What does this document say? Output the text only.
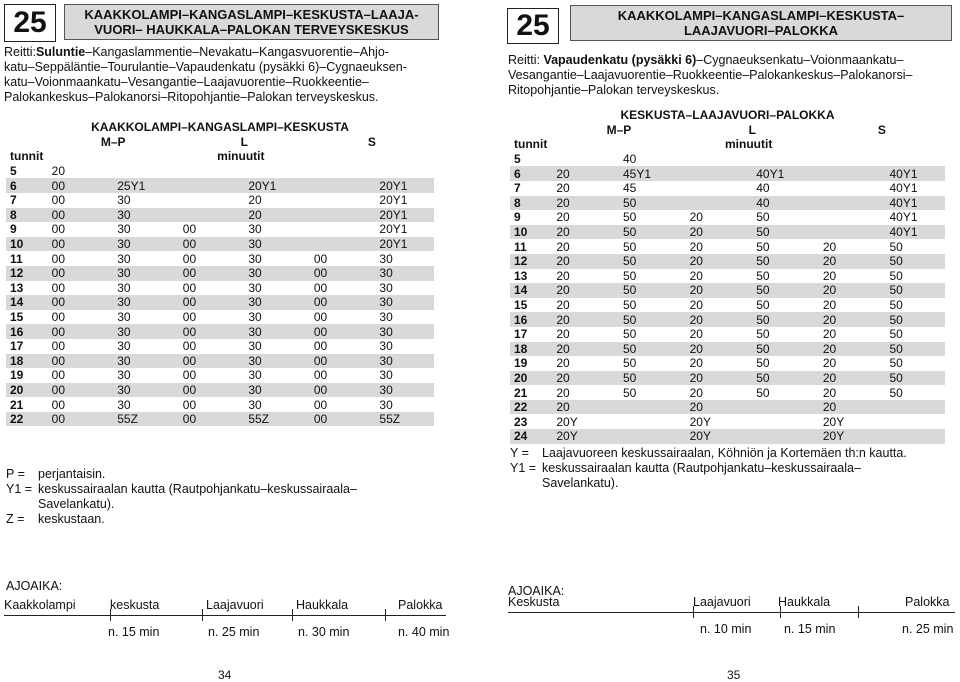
25	KAAKKOLAMPI–KANGASLAMPI–KESKUSTA–LAAJA-
VUORI– HAUKKALA–PALOKAN TERVEYSKESKUS
Reitti:Suluntie–Kangaslammentie–Nevakatu–Kangasvuorentie–Ahjo-
katu–Seppäläntie–Tourulantie–Vapaudenkatu (pysäkki 6)–Cygnaeuksen-
katu–Voionmaankatu–Vesangantie–Laajavuorentie–Ruokkeentie–
Palokankeskus–Palokanorsi–Ritopohjantie–Palokan terveyskeskus.
KAAKKOLAMPI–KANGASLAMPI–KESKUSTA						
	M–P		L		S	
tunnit	minuutit					
5	20					
6	00	25Y1		20Y1		20Y1
7	00	30		20		20Y1
8	00	30		20		20Y1
9	00	30	00	30		20Y1
10	00	30	00	30		20Y1
11	00	30	00	30	00	30
12	00	30	00	30	00	30
13	00	30	00	30	00	30
14	00	30	00	30	00	30
15	00	30	00	30	00	30
16	00	30	00	30	00	30
17	00	30	00	30	00	30
18	00	30	00	30	00	30
19	00	30	00	30	00	30
20	00	30	00	30	00	30
21	00	30	00	30	00	30
22	00	55Z	00	55Z	00	55Z
P =	perjantaisin.
Y1 = keskussairaalan kautta (Rautpohjankatu–keskussairaala–
Savelankatu).
Z =	keskustaan.
AJOAIKA:
Kaakkolampi	keskusta	Laajavuori	Haukkala	Palokka
n. 15 min	n. 25 min	n. 30 min	n. 40 min
34
25	KAAKKOLAMPI–KANGASLAMPI–KESKUSTA–
LAAJAVUORI–PALOKKA
Reitti: Vapaudenkatu (pysäkki 6)–Cygnaeuksenkatu–Voionmaankatu–
Vesangantie–Laajavuorentie–Ruokkeentie–Palokankeskus–Palokanorsi–
Ritopohjantie–Palokan terveyskeskus.
KESKUSTA–LAAJAVUORI–PALOKKA						
	M–P		L		S	
tunnit	minuutit					
5		40				
6	20	45Y1		40Y1		40Y1
7	20	45		40		40Y1
8	20	50		40		40Y1
9	20	50	20	50		40Y1
10	20	50	20	50		40Y1
11	20	50	20	50	20	50
12	20	50	20	50	20	50
13	20	50	20	50	20	50
14	20	50	20	50	20	50
15	20	50	20	50	20	50
16	20	50	20	50	20	50
17	20	50	20	50	20	50
18	20	50	20	50	20	50
19	20	50	20	50	20	50
20	20	50	20	50	20	50
21	20	50	20	50	20	50
22	20		20		20	
23	20Y		20Y		20Y	
24	20Y		20Y		20Y	
Y =	Laajavuoreen keskussairaalan, Köhniön ja Kortemäen th:n kautta.
Y1 = keskussairaalan kautta (Rautpohjankatu–keskussairaala–
Savelankatu).
AJOAIKA:
Keskusta	Laajavuori Haukkala	Palokka
n. 10 min	n. 15 min	n. 25 min
35
